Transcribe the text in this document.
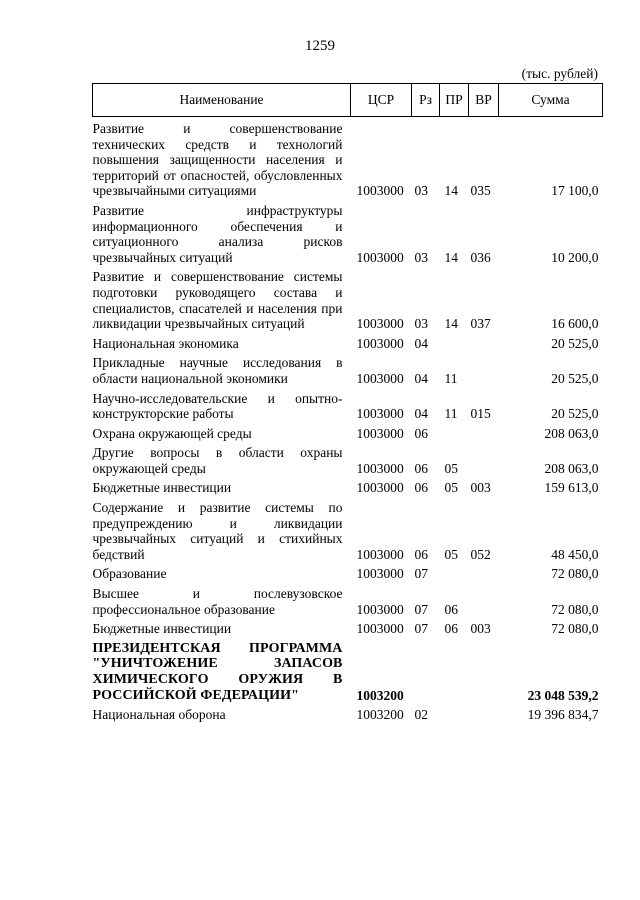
1259
(тыс. рублей)
Наименование	ЦСР	Рз	ПР	ВР	Сумма
Развитие и совершенствование технических средств и технологий повышения защищенности населения и территорий от опасностей, обусловленных чрезвычайными ситуациями	1003000	03	14	035	17 100,0
Развитие инфраструктуры информационного обеспечения и ситуационного анализа рисков чрезвычайных ситуаций	1003000	03	14	036	10 200,0
Развитие и совершенствование системы подготовки руководящего состава и специалистов, спасателей и населения при ликвидации чрезвычайных ситуаций	1003000	03	14	037	16 600,0
Национальная экономика	1003000	04			20 525,0
Прикладные научные исследования в области национальной экономики	1003000	04	11		20 525,0
Научно-исследовательские и опытно-конструкторские работы	1003000	04	11	015	20 525,0
Охрана окружающей среды	1003000	06			208 063,0
Другие вопросы в области охраны окружающей среды	1003000	06	05		208 063,0
Бюджетные инвестиции	1003000	06	05	003	159 613,0
Содержание и развитие системы по предупреждению и ликвидации чрезвычайных ситуаций и стихийных бедствий	1003000	06	05	052	48 450,0
Образование	1003000	07			72 080,0
Высшее и послевузовское профессиональное образование	1003000	07	06		72 080,0
Бюджетные инвестиции	1003000	07	06	003	72 080,0
ПРЕЗИДЕНТСКАЯ ПРОГРАММА "УНИЧТОЖЕНИЕ ЗАПАСОВ ХИМИЧЕСКОГО ОРУЖИЯ В РОССИЙСКОЙ ФЕДЕРАЦИИ"	1003200				23 048 539,2
Национальная оборона	1003200	02			19 396 834,7
